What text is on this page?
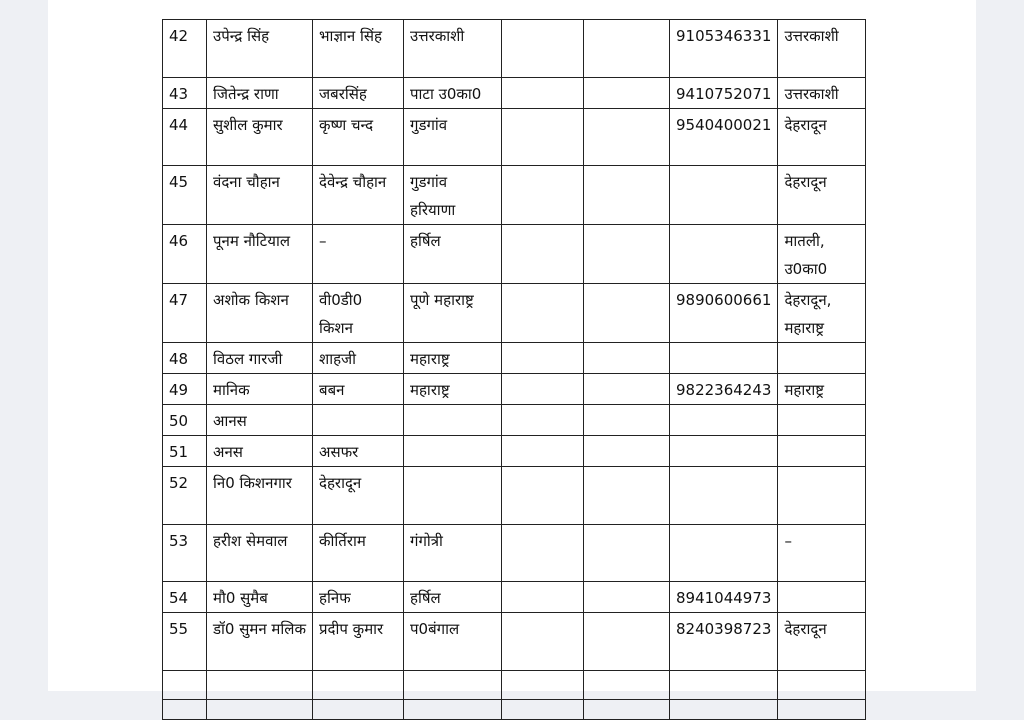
42	उपेन्द्र सिंह	भाज्ञान सिंह	उत्तरकाशी			9105346331	उत्तरकाशी
43	जितेन्द्र राणा	जबरसिंह	पाटा उ0का0			9410752071	उत्तरकाशी
44	सुशील कुमार	कृष्ण चन्द	गुडगांव			9540400021	देहरादून
45	वंदना चौहान	देवेन्द्र चौहान	गुडगांव हरियाणा				देहरादून
46	पूनम नौटियाल	–	हर्षिल				मातली, उ0का0
47	अशोक किशन	वी0डी0 किशन	पूणे महाराष्ट्र			9890600661	देहरादून, महाराष्ट्र
48	विठल गारजी	शाहजी	महाराष्ट्र				
49	मानिक	बबन	महाराष्ट्र			9822364243	महाराष्ट्र
50	आनस						
51	अनस	असफर					
52	नि0 किशनगार	देहरादून					
53	हरीश सेमवाल	कीर्तिराम	गंगोत्री				–
54	मौ0 सुमैब	हनिफ	हर्षिल			8941044973	
55	डॉ0 सुमन मलिक	प्रदीप कुमार	प0बंगाल			8240398723	देहरादून
